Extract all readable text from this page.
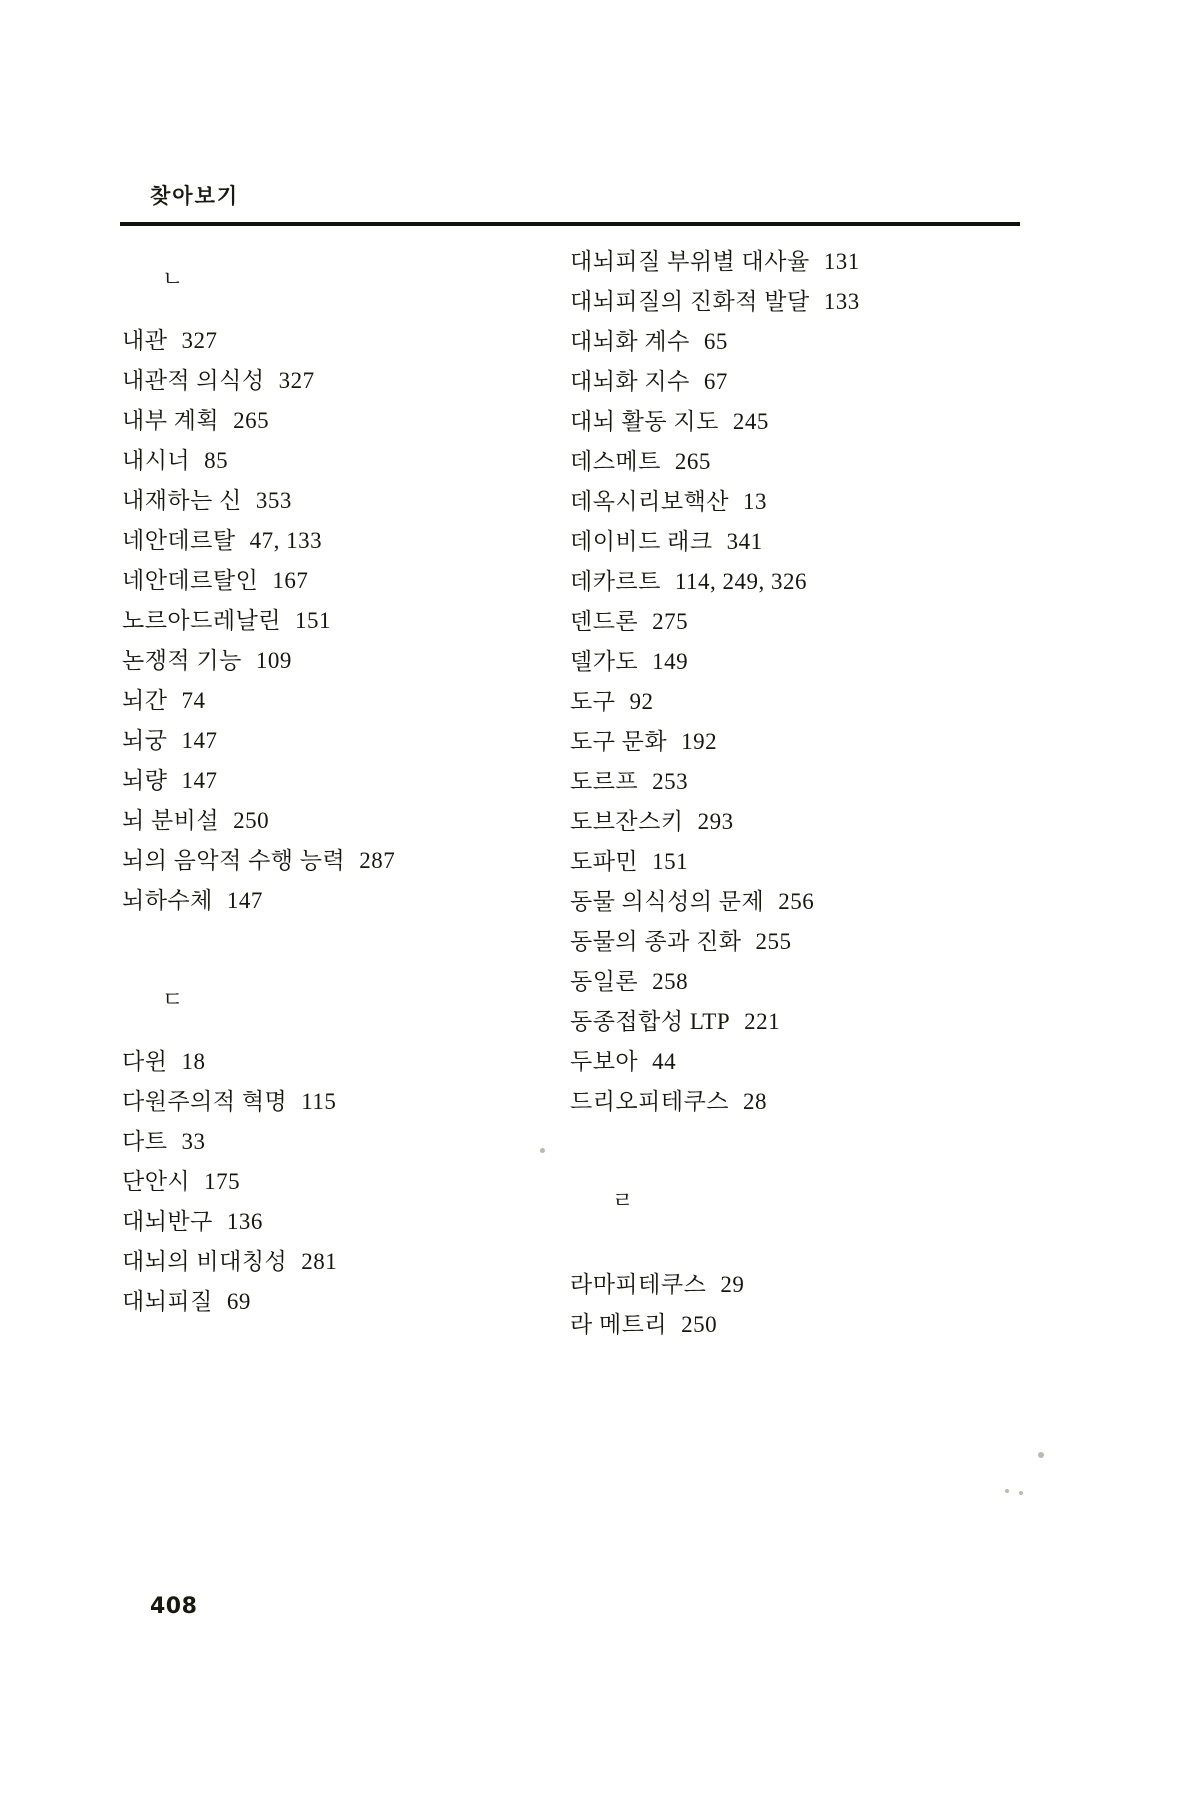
찾아보기
ㄴ
내관 327
내관적 의식성 327
내부 계획 265
내시너 85
내재하는 신 353
네안데르탈 47, 133
네안데르탈인 167
노르아드레날린 151
논쟁적 기능 109
뇌간 74
뇌궁 147
뇌량 147
뇌 분비설 250
뇌의 음악적 수행 능력 287
뇌하수체 147
ㄷ
다윈 18
다원주의적 혁명 115
다트 33
단안시 175
대뇌반구 136
대뇌의 비대칭성 281
대뇌피질 69
대뇌피질 부위별 대사율 131
대뇌피질의 진화적 발달 133
대뇌화 계수 65
대뇌화 지수 67
대뇌 활동 지도 245
데스메트 265
데옥시리보핵산 13
데이비드 래크 341
데카르트 114, 249, 326
덴드론 275
델가도 149
도구 92
도구 문화 192
도르프 253
도브잔스키 293
도파민 151
동물 의식성의 문제 256
동물의 종과 진화 255
동일론 258
동종접합성 LTP 221
두보아 44
드리오피테쿠스 28
ㄹ
라마피테쿠스 29
라 메트리 250
408
